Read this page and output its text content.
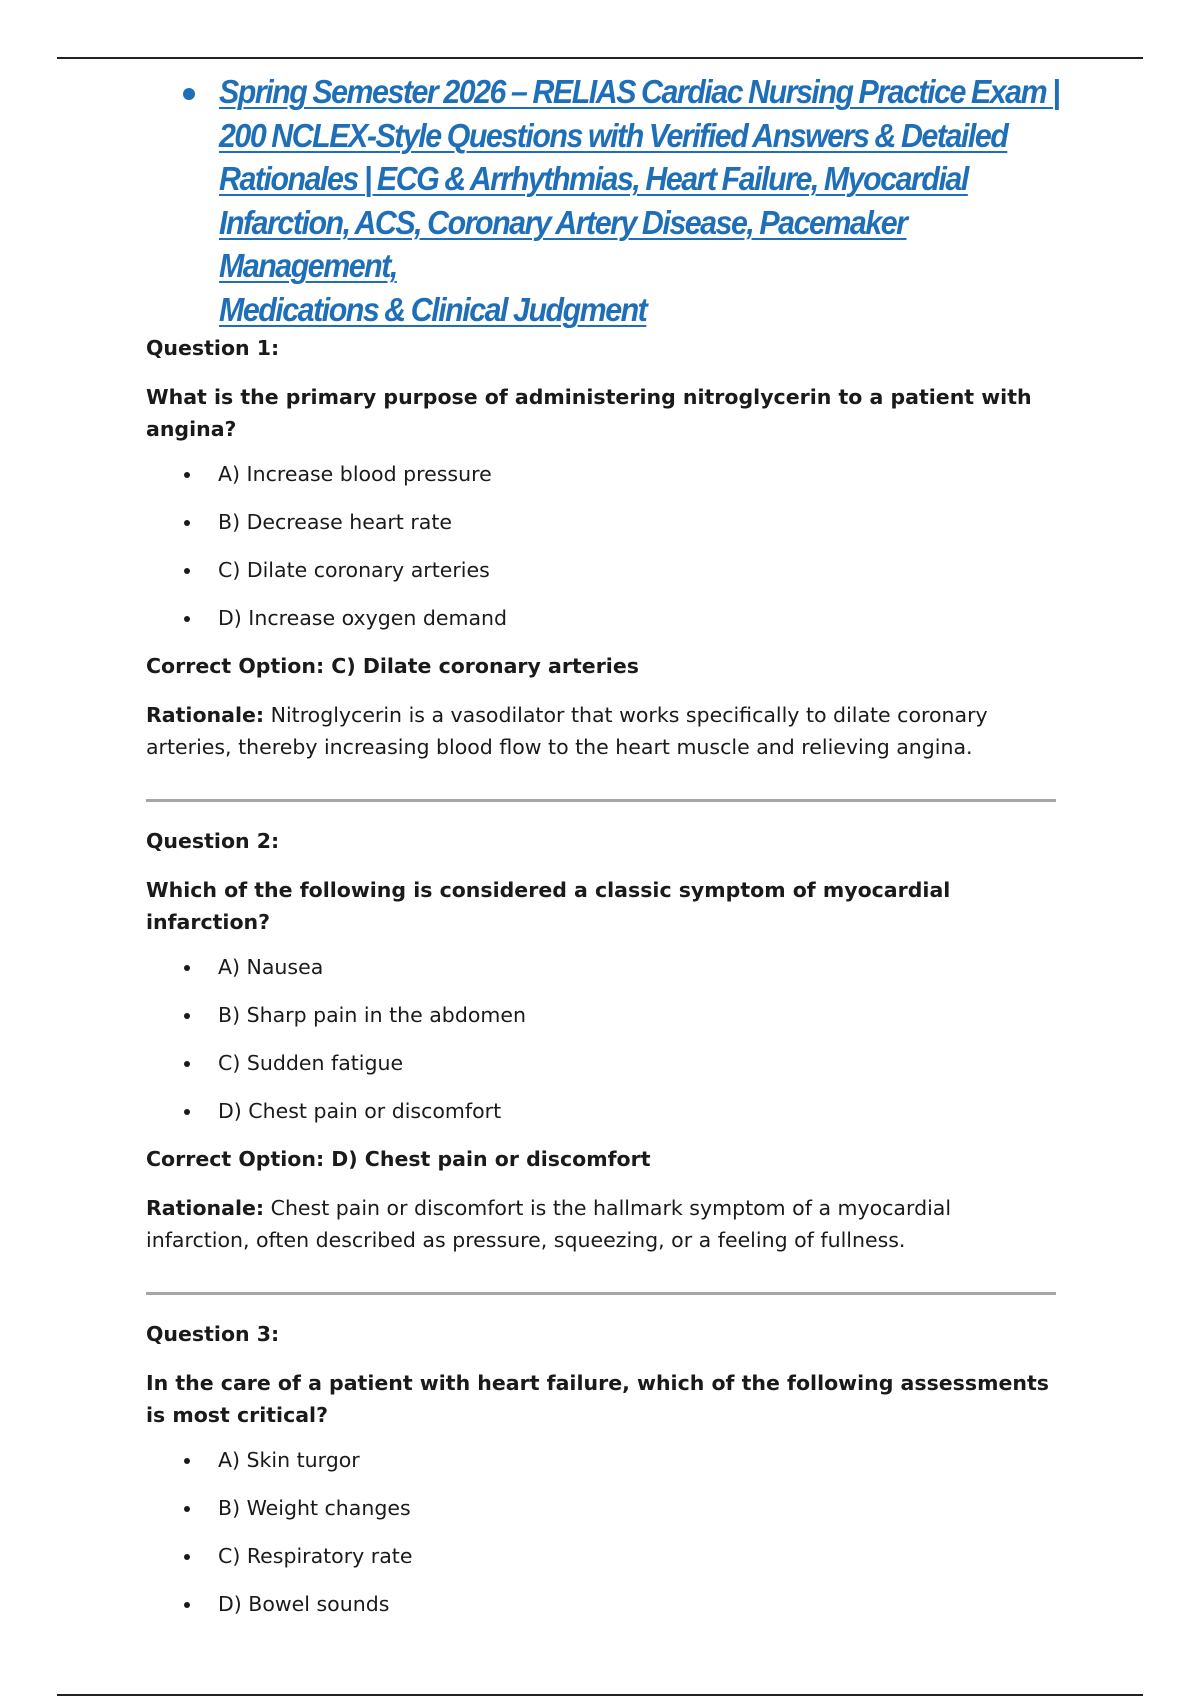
Spring Semester 2026 – RELIAS Cardiac Nursing Practice Exam |
200 NCLEX-Style Questions with Verified Answers & Detailed
Rationales | ECG & Arrhythmias, Heart Failure, Myocardial
Infarction, ACS, Coronary Artery Disease, Pacemaker Management,
Medications & Clinical Judgment

Question 1:

What is the primary purpose of administering nitroglycerin to a patient with angina?

A) Increase blood pressure
B) Decrease heart rate
C) Dilate coronary arteries
D) Increase oxygen demand

Correct Option: C) Dilate coronary arteries

Rationale: Nitroglycerin is a vasodilator that works specifically to dilate coronary arteries, thereby increasing blood flow to the heart muscle and relieving angina.

Question 2:

Which of the following is considered a classic symptom of myocardial infarction?

A) Nausea
B) Sharp pain in the abdomen
C) Sudden fatigue
D) Chest pain or discomfort

Correct Option: D) Chest pain or discomfort

Rationale: Chest pain or discomfort is the hallmark symptom of a myocardial infarction, often described as pressure, squeezing, or a feeling of fullness.

Question 3:

In the care of a patient with heart failure, which of the following assessments is most critical?

A) Skin turgor
B) Weight changes
C) Respiratory rate
D) Bowel sounds
